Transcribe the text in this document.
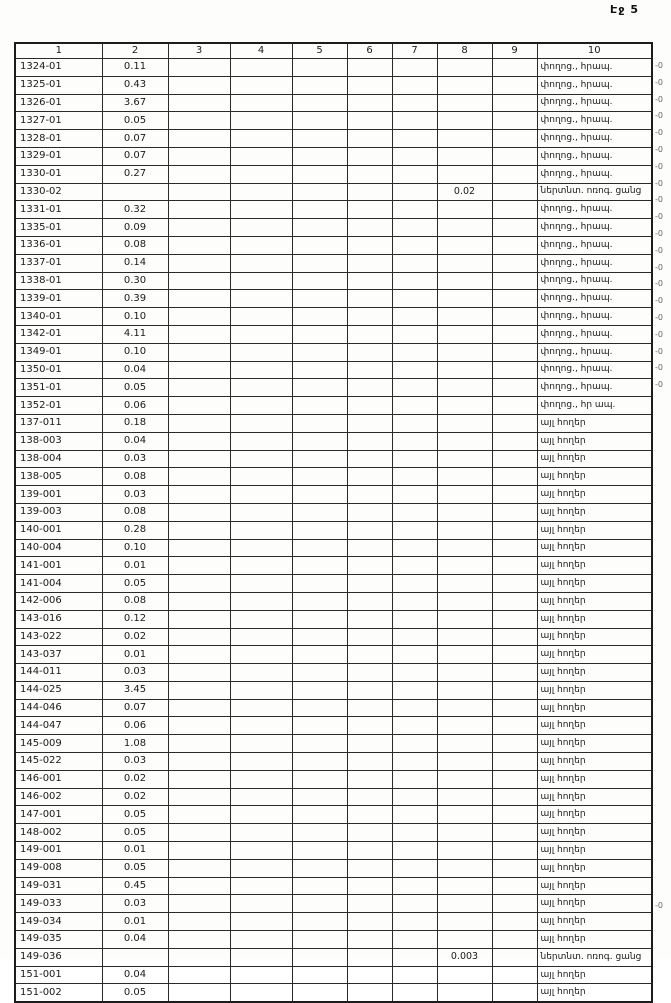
Էջ 5
1	2	3	4	5	6	7	8	9	10
1324-01	0.11								փողոց., հրապ.
1325-01	0.43								փողոց., հրապ.
1326-01	3.67								փողոց., հրապ.
1327-01	0.05								փողոց., հրապ.
1328-01	0.07								փողոց., հրապ.
1329-01	0.07								փողոց., հրապ.
1330-01	0.27								փողոց., հրապ.
1330-02							0.02		ներտնտ. ոռոգ. ցանց
1331-01	0.32								փողոց., հրապ.
1335-01	0.09								փողոց., հրապ.
1336-01	0.08								փողոց., հրապ.
1337-01	0.14								փողոց., հրապ.
1338-01	0.30								փողոց., հրապ.
1339-01	0.39								փողոց., հրապ.
1340-01	0.10								փողոց., հրապ.
1342-01	4.11								փողոց., հրապ.
1349-01	0.10								փողոց., հրապ.
1350-01	0.04								փողոց., հրապ.
1351-01	0.05								փողոց., հրապ.
1352-01	0.06								փողոց., հր ապ.
137-011	0.18								այլ հողեր
138-003	0.04								այլ հողեր
138-004	0.03								այլ հողեր
138-005	0.08								այլ հողեր
139-001	0.03								այլ հողեր
139-003	0.08								այլ հողեր
140-001	0.28								այլ հողեր
140-004	0.10								այլ հողեր
141-001	0.01								այլ հողեր
141-004	0.05								այլ հողեր
142-006	0.08								այլ հողեր
143-016	0.12								այլ հողեր
143-022	0.02								այլ հողեր
143-037	0.01								այլ հողեր
144-011	0.03								այլ հողեր
144-025	3.45								այլ հողեր
144-046	0.07								այլ հողեր
144-047	0.06								այլ հողեր
145-009	1.08								այլ հողեր
145-022	0.03								այլ հողեր
146-001	0.02								այլ հողեր
146-002	0.02								այլ հողեր
147-001	0.05								այլ հողեր
148-002	0.05								այլ հողեր
149-001	0.01								այլ հողեր
149-008	0.05								այլ հողեր
149-031	0.45								այլ հողեր
149-033	0.03								այլ հողեր
149-034	0.01								այլ հողեր
149-035	0.04								այլ հողեր
149-036							0.003		ներտնտ. ոռոգ. ցանց
151-001	0.04								այլ հողեր
151-002	0.05								այլ հողեր
-0
-0
-0
-0
-0
-0
-0
-0
-0
-0
-0
-0
-0
-0
-0
-0
-0
-0
-0
-0
-0
